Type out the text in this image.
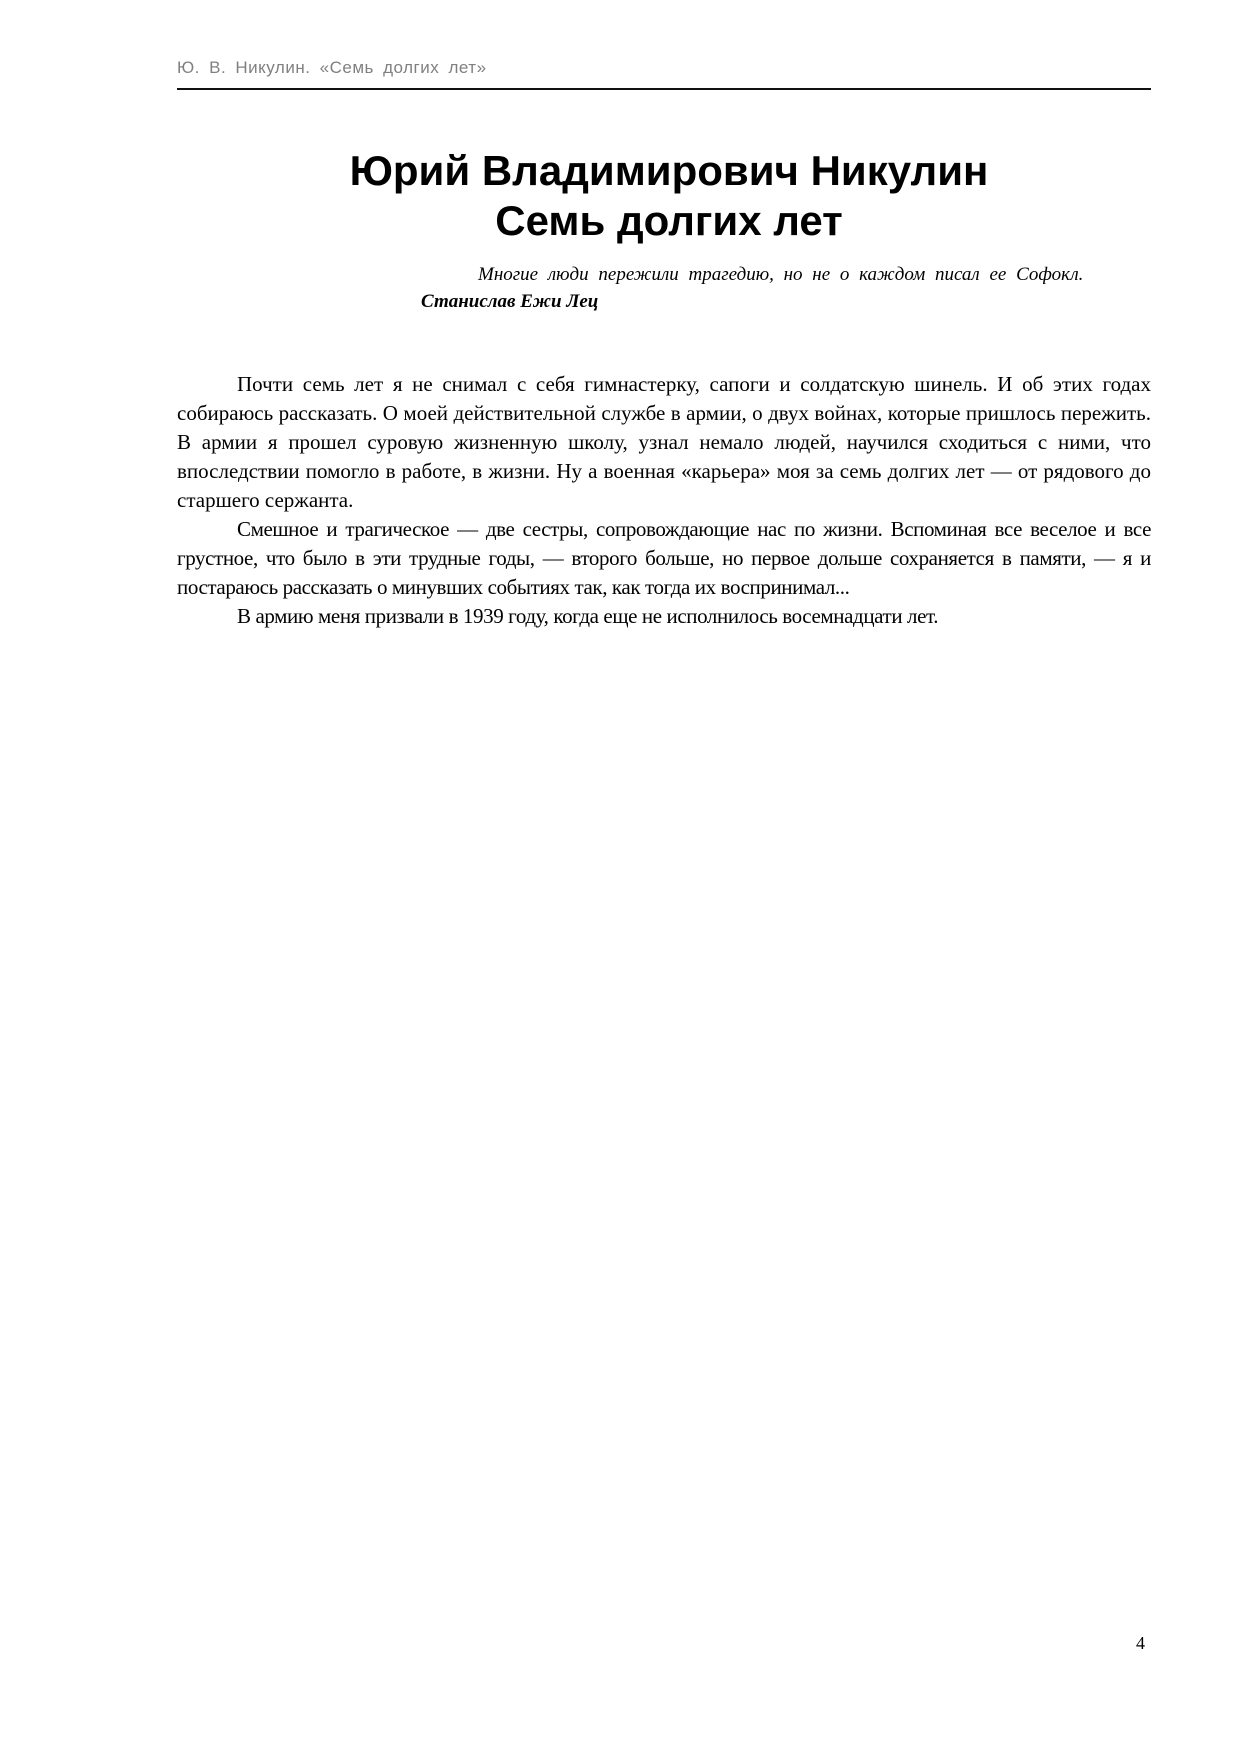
Ю. В. Никулин. «Семь долгих лет»
Юрий Владимирович Никулин
Семь долгих лет

Многие люди пережили трагедию, но не о каждом писал ее Софокл.

Станислав Ежи Лец

Почти семь лет я не снимал с себя гимнастерку, сапоги и солдатскую шинель. И об этих годах собираюсь рассказать. О моей действительной службе в армии, о двух войнах, которые пришлось пережить. В армии я прошел суровую жизненную школу, узнал немало людей, научился сходиться с ними, что впоследствии помогло в работе, в жизни. Ну а военная «карьера» моя за семь долгих лет — от рядового до старшего сержанта.

Смешное и трагическое — две сестры, сопровождающие нас по жизни. Вспоминая все веселое и все грустное, что было в эти трудные годы, — второго больше, но первое дольше сохраняется в памяти, — я и постараюсь рассказать о минувших событиях так, как тогда их воспринимал...

В армию меня призвали в 1939 году, когда еще не исполнилось восемнадцати лет.

4
